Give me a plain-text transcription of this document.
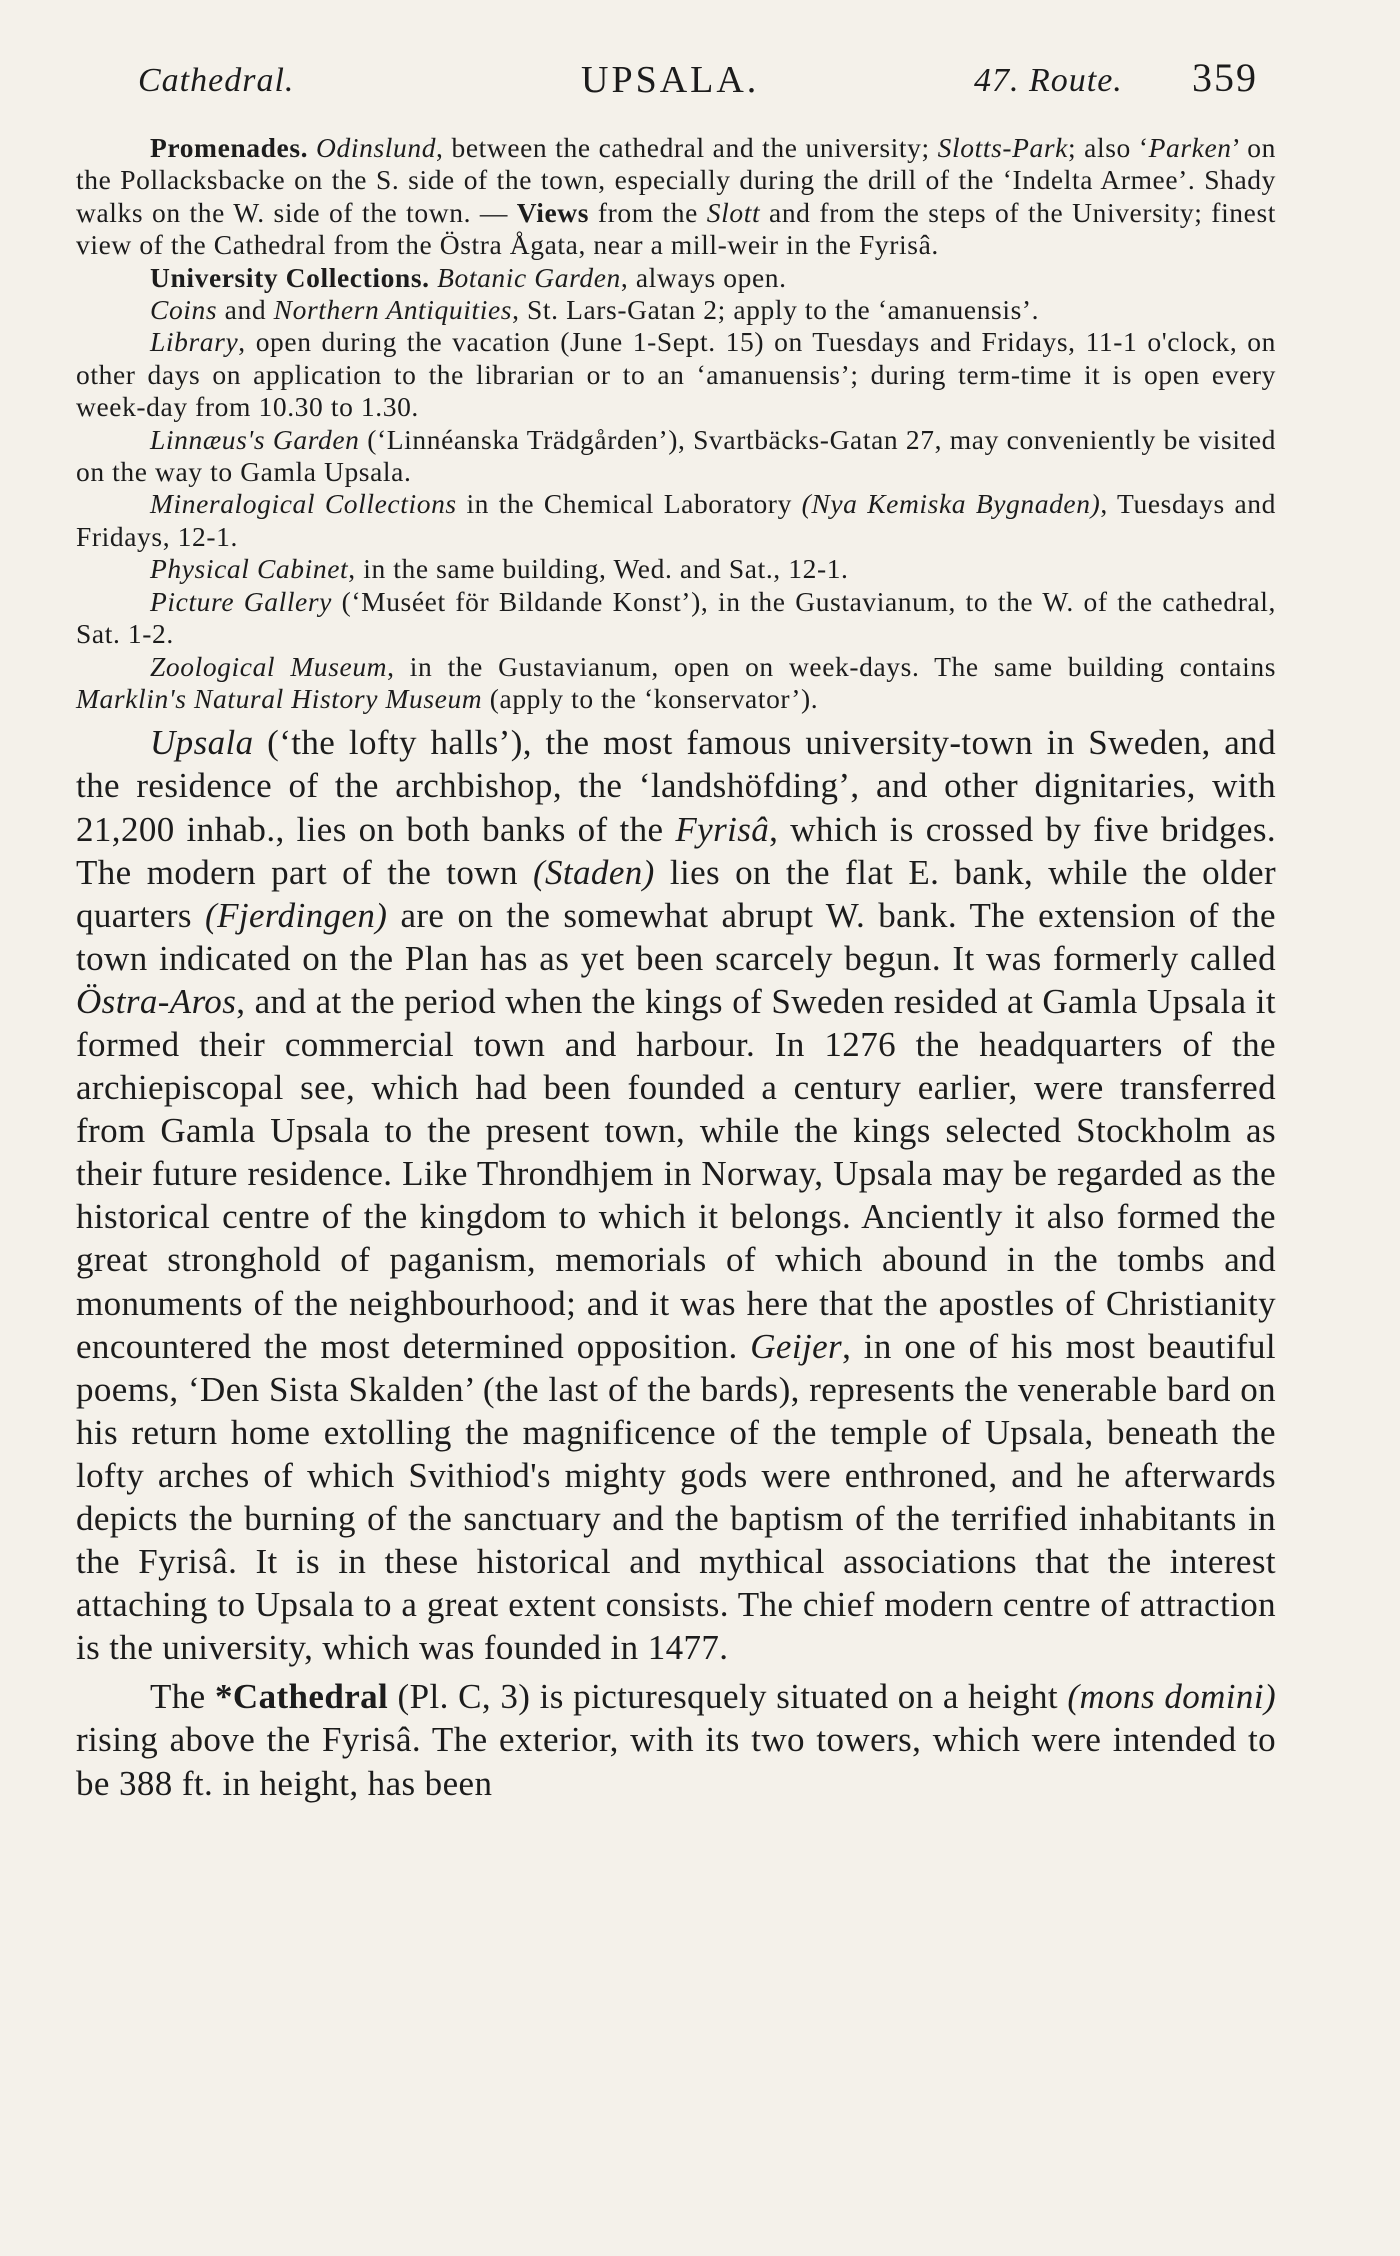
Cathedral.	UPSALA.	47. Route. 359

Promenades. Odinslund, between the cathedral and the university; Slotts-Park; also ‘Parken’ on the Pollacksbacke on the S. side of the town, especially during the drill of the ‘Indelta Armee’. Shady walks on the W. side of the town. — Views from the Slott and from the steps of the University; finest view of the Cathedral from the Östra Ågata, near a mill-weir in the Fyrisâ.

University Collections. Botanic Garden, always open.

Coins and Northern Antiquities, St. Lars-Gatan 2; apply to the ‘amanuensis’.

Library, open during the vacation (June 1-Sept. 15) on Tuesdays and Fridays, 11-1 o'clock, on other days on application to the librarian or to an ‘amanuensis’; during term-time it is open every week-day from 10.30 to 1.30.

Linnæus's Garden (‘Linnéanska Trädgården’), Svartbäcks-Gatan 27, may conveniently be visited on the way to Gamla Upsala.

Mineralogical Collections in the Chemical Laboratory (Nya Kemiska Bygnaden), Tuesdays and Fridays, 12-1.

Physical Cabinet, in the same building, Wed. and Sat., 12-1.

Picture Gallery (‘Muséet för Bildande Konst’), in the Gustavianum, to the W. of the cathedral, Sat. 1-2.

Zoological Museum, in the Gustavianum, open on week-days. The same building contains Marklin's Natural History Museum (apply to the ‘konservator’).

Upsala (‘the lofty halls’), the most famous university-town in Sweden, and the residence of the archbishop, the ‘landshöfding’, and other dignitaries, with 21,200 inhab., lies on both banks of the Fyrisâ, which is crossed by five bridges. The modern part of the town (Staden) lies on the flat E. bank, while the older quarters (Fjerdingen) are on the somewhat abrupt W. bank. The extension of the town indicated on the Plan has as yet been scarcely begun. It was formerly called Östra-Aros, and at the period when the kings of Sweden resided at Gamla Upsala it formed their commercial town and harbour. In 1276 the headquarters of the archiepiscopal see, which had been founded a century earlier, were transferred from Gamla Upsala to the present town, while the kings selected Stockholm as their future residence. Like Throndhjem in Norway, Upsala may be regarded as the historical centre of the kingdom to which it belongs. Anciently it also formed the great stronghold of paganism, memorials of which abound in the tombs and monuments of the neighbourhood; and it was here that the apostles of Christianity encountered the most determined opposition. Geijer, in one of his most beautiful poems, ‘Den Sista Skalden’ (the last of the bards), represents the venerable bard on his return home extolling the magnificence of the temple of Upsala, beneath the lofty arches of which Svithiod's mighty gods were enthroned, and he afterwards depicts the burning of the sanctuary and the baptism of the terrified inhabitants in the Fyrisâ. It is in these historical and mythical associations that the interest attaching to Upsala to a great extent consists. The chief modern centre of attraction is the university, which was founded in 1477.

The *Cathedral (Pl. C, 3) is picturesquely situated on a height (mons domini) rising above the Fyrisâ. The exterior, with its two towers, which were intended to be 388 ft. in height, has been
